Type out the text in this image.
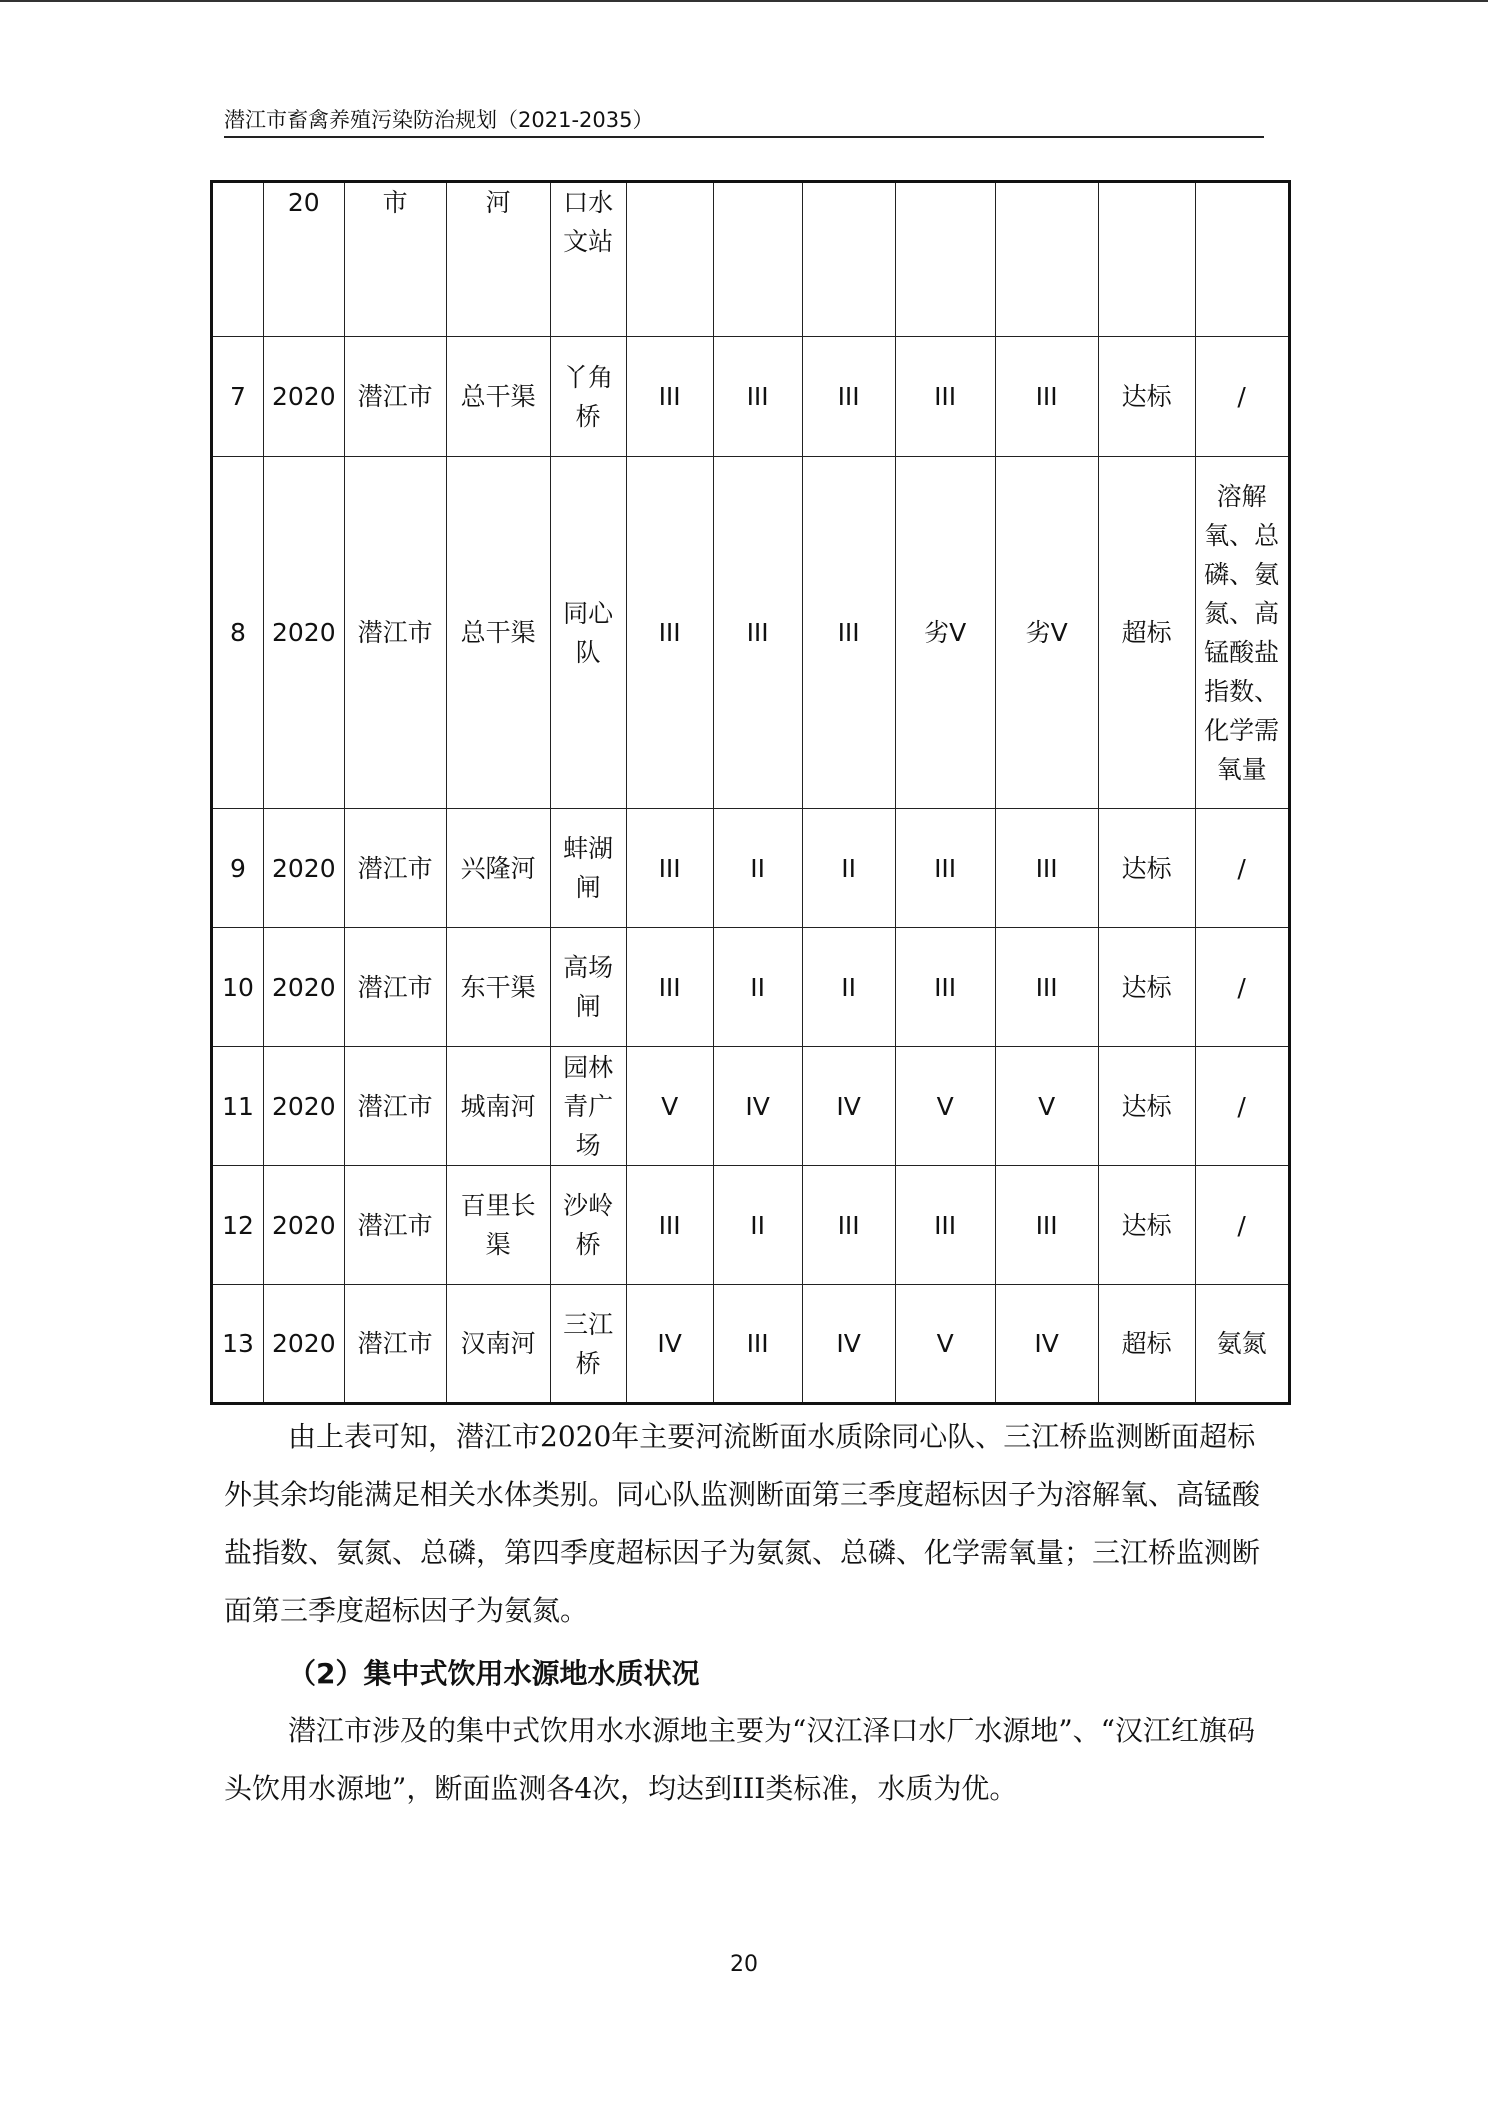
潜江市畜禽养殖污染防治规划（2021-2035）
	20	市	河	口水文站							
7	2020	潜江市	总干渠	丫角桥	III	III	III	III	III	达标	/
8	2020	潜江市	总干渠	同心队	III	III	III	劣V	劣V	超标	溶解氧、总磷、氨氮、高锰酸盐指数、化学需氧量
9	2020	潜江市	兴隆河	蚌湖闸	III	II	II	III	III	达标	/
10	2020	潜江市	东干渠	高场闸	III	II	II	III	III	达标	/
11	2020	潜江市	城南河	园林青广场	V	IV	IV	V	V	达标	/
12	2020	潜江市	百里长渠	沙岭桥	III	II	III	III	III	达标	/
13	2020	潜江市	汉南河	三江桥	IV	III	IV	V	IV	超标	氨氮

由上表可知，潜江市2020年主要河流断面水质除同心队、三江桥监测断面超标外其余均能满足相关水体类别。同心队监测断面第三季度超标因子为溶解氧、高锰酸盐指数、氨氮、总磷，第四季度超标因子为氨氮、总磷、化学需氧量；三江桥监测断面第三季度超标因子为氨氮。

（2）集中式饮用水源地水质状况

潜江市涉及的集中式饮用水水源地主要为“汉江泽口水厂水源地”、“汉江红旗码头饮用水源地”，断面监测各4次，均达到III类标准，水质为优。

20
